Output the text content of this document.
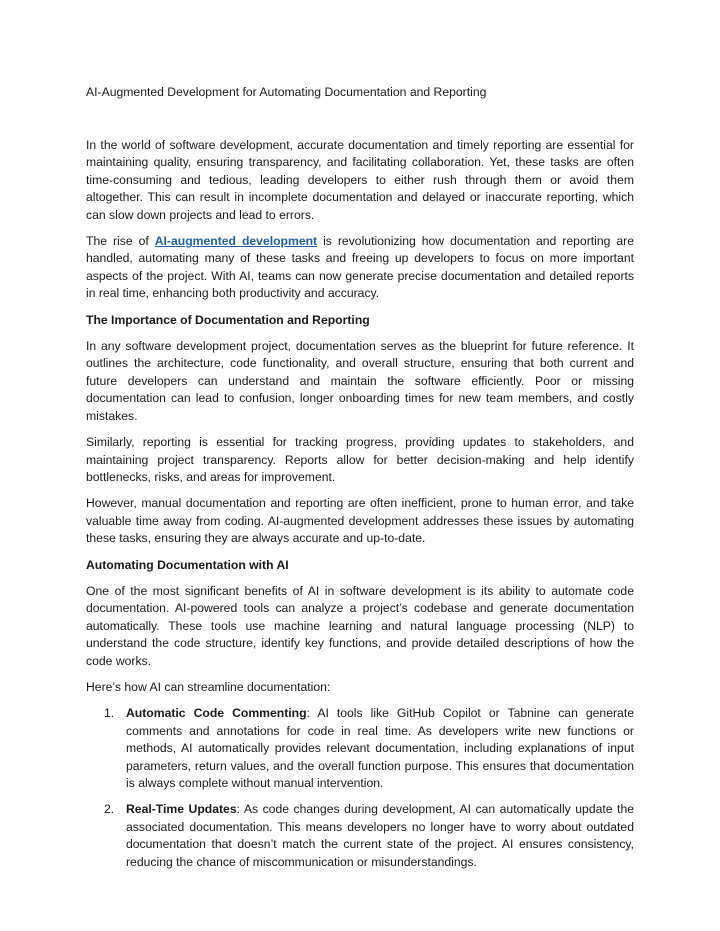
AI-Augmented Development for Automating Documentation and Reporting

In the world of software development, accurate documentation and timely reporting are essential for maintaining quality, ensuring transparency, and facilitating collaboration. Yet, these tasks are often time-consuming and tedious, leading developers to either rush through them or avoid them altogether. This can result in incomplete documentation and delayed or inaccurate reporting, which can slow down projects and lead to errors.

The rise of AI-augmented development is revolutionizing how documentation and reporting are handled, automating many of these tasks and freeing up developers to focus on more important aspects of the project. With AI, teams can now generate precise documentation and detailed reports in real time, enhancing both productivity and accuracy.

The Importance of Documentation and Reporting

In any software development project, documentation serves as the blueprint for future reference. It outlines the architecture, code functionality, and overall structure, ensuring that both current and future developers can understand and maintain the software efficiently. Poor or missing documentation can lead to confusion, longer onboarding times for new team members, and costly mistakes.

Similarly, reporting is essential for tracking progress, providing updates to stakeholders, and maintaining project transparency. Reports allow for better decision-making and help identify bottlenecks, risks, and areas for improvement.

However, manual documentation and reporting are often inefficient, prone to human error, and take valuable time away from coding. AI-augmented development addresses these issues by automating these tasks, ensuring they are always accurate and up-to-date.

Automating Documentation with AI

One of the most significant benefits of AI in software development is its ability to automate code documentation. AI-powered tools can analyze a project’s codebase and generate documentation automatically. These tools use machine learning and natural language processing (NLP) to understand the code structure, identify key functions, and provide detailed descriptions of how the code works.

Here’s how AI can streamline documentation:

1. Automatic Code Commenting: AI tools like GitHub Copilot or Tabnine can generate comments and annotations for code in real time. As developers write new functions or methods, AI automatically provides relevant documentation, including explanations of input parameters, return values, and the overall function purpose. This ensures that documentation is always complete without manual intervention.
2. Real-Time Updates: As code changes during development, AI can automatically update the associated documentation. This means developers no longer have to worry about outdated documentation that doesn’t match the current state of the project. AI ensures consistency, reducing the chance of miscommunication or misunderstandings.
